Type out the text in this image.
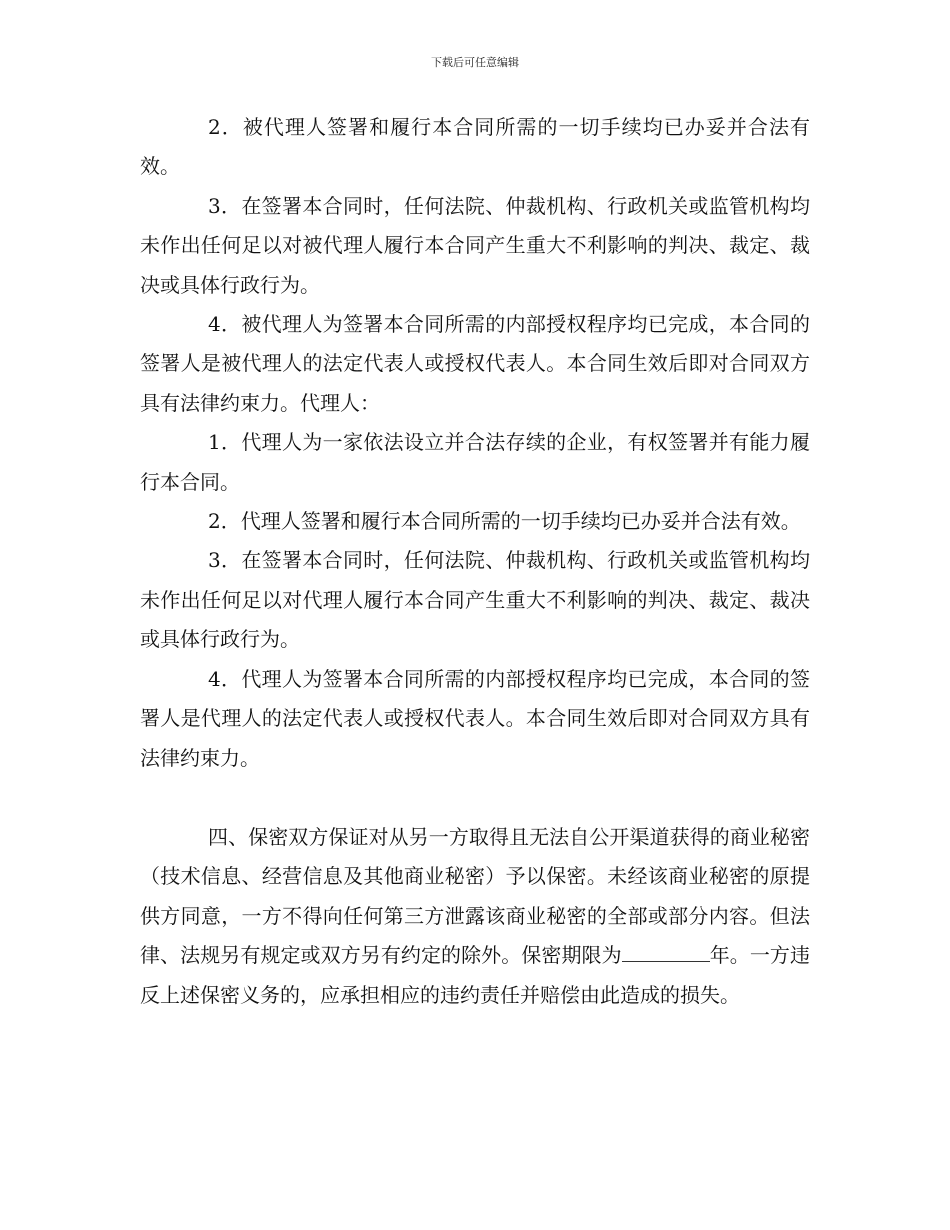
下载后可任意编辑

2．被代理人签署和履行本合同所需的一切手续均已办妥并合法有效。

3．在签署本合同时，任何法院、仲裁机构、行政机关或监管机构均未作出任何足以对被代理人履行本合同产生重大不利影响的判决、裁定、裁决或具体行政行为。

4．被代理人为签署本合同所需的内部授权程序均已完成，本合同的签署人是被代理人的法定代表人或授权代表人。本合同生效后即对合同双方具有法律约束力。代理人：

1．代理人为一家依法设立并合法存续的企业，有权签署并有能力履行本合同。

2．代理人签署和履行本合同所需的一切手续均已办妥并合法有效。

3．在签署本合同时，任何法院、仲裁机构、行政机关或监管机构均未作出任何足以对代理人履行本合同产生重大不利影响的判决、裁定、裁决或具体行政行为。

4．代理人为签署本合同所需的内部授权程序均已完成，本合同的签署人是代理人的法定代表人或授权代表人。本合同生效后即对合同双方具有法律约束力。

四、保密双方保证对从另一方取得且无法自公开渠道获得的商业秘密（技术信息、经营信息及其他商业秘密）予以保密。未经该商业秘密的原提供方同意，一方不得向任何第三方泄露该商业秘密的全部或部分内容。但法律、法规另有规定或双方另有约定的除外。保密期限为	年。一方违反上述保密义务的，应承担相应的违约责任并赔偿由此造成的损失。
